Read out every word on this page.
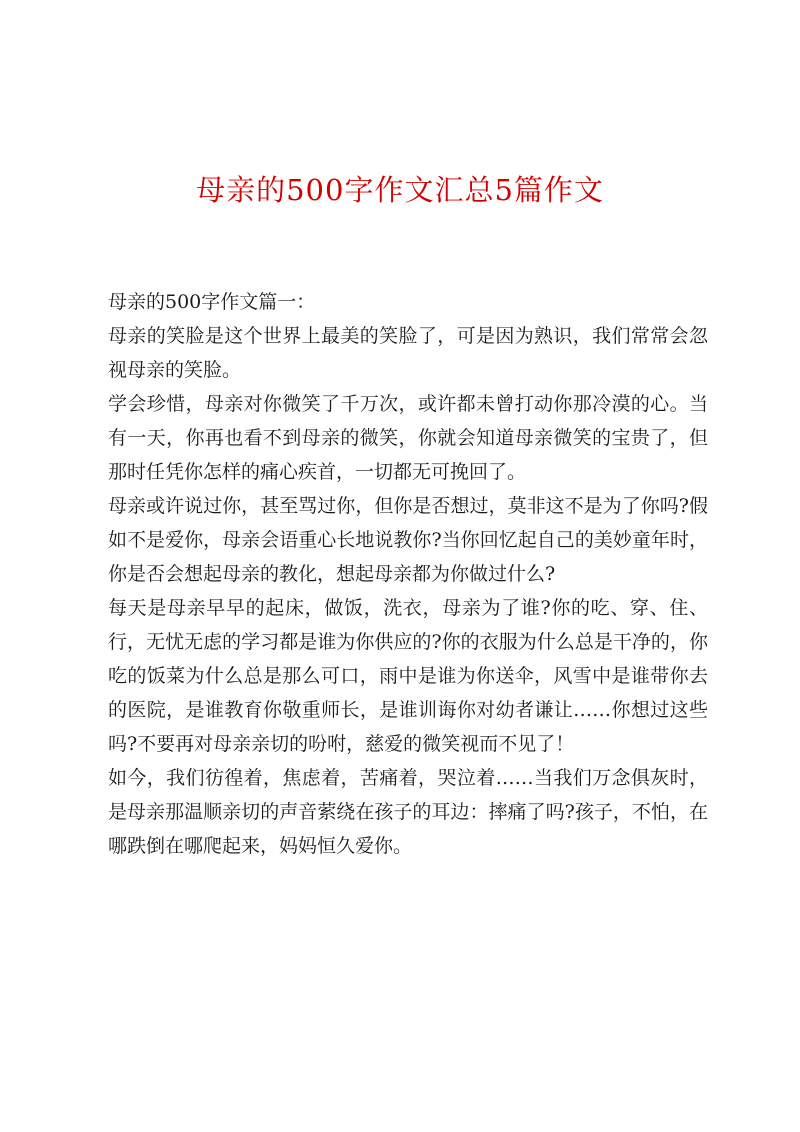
母亲的500字作文汇总5篇作文

母亲的500字作文篇一：

母亲的笑脸是这个世界上最美的笑脸了，可是因为熟识，我们常常会忽视母亲的笑脸。

学会珍惜，母亲对你微笑了千万次，或许都未曾打动你那冷漠的心。当有一天，你再也看不到母亲的微笑，你就会知道母亲微笑的宝贵了，但那时任凭你怎样的痛心疾首，一切都无可挽回了。

母亲或许说过你，甚至骂过你，但你是否想过，莫非这不是为了你吗?假如不是爱你，母亲会语重心长地说教你?当你回忆起自己的美妙童年时，你是否会想起母亲的教化，想起母亲都为你做过什么?

每天是母亲早早的起床，做饭，洗衣，母亲为了谁?你的吃、穿、住、行，无忧无虑的学习都是谁为你供应的?你的衣服为什么总是干净的，你吃的饭菜为什么总是那么可口，雨中是谁为你送伞，风雪中是谁带你去的医院，是谁教育你敬重师长，是谁训诲你对幼者谦让……你想过这些吗?不要再对母亲亲切的吩咐，慈爱的微笑视而不见了！

如今，我们彷徨着，焦虑着，苦痛着，哭泣着……当我们万念俱灰时，是母亲那温顺亲切的声音萦绕在孩子的耳边：摔痛了吗?孩子，不怕，在哪跌倒在哪爬起来，妈妈恒久爱你。
